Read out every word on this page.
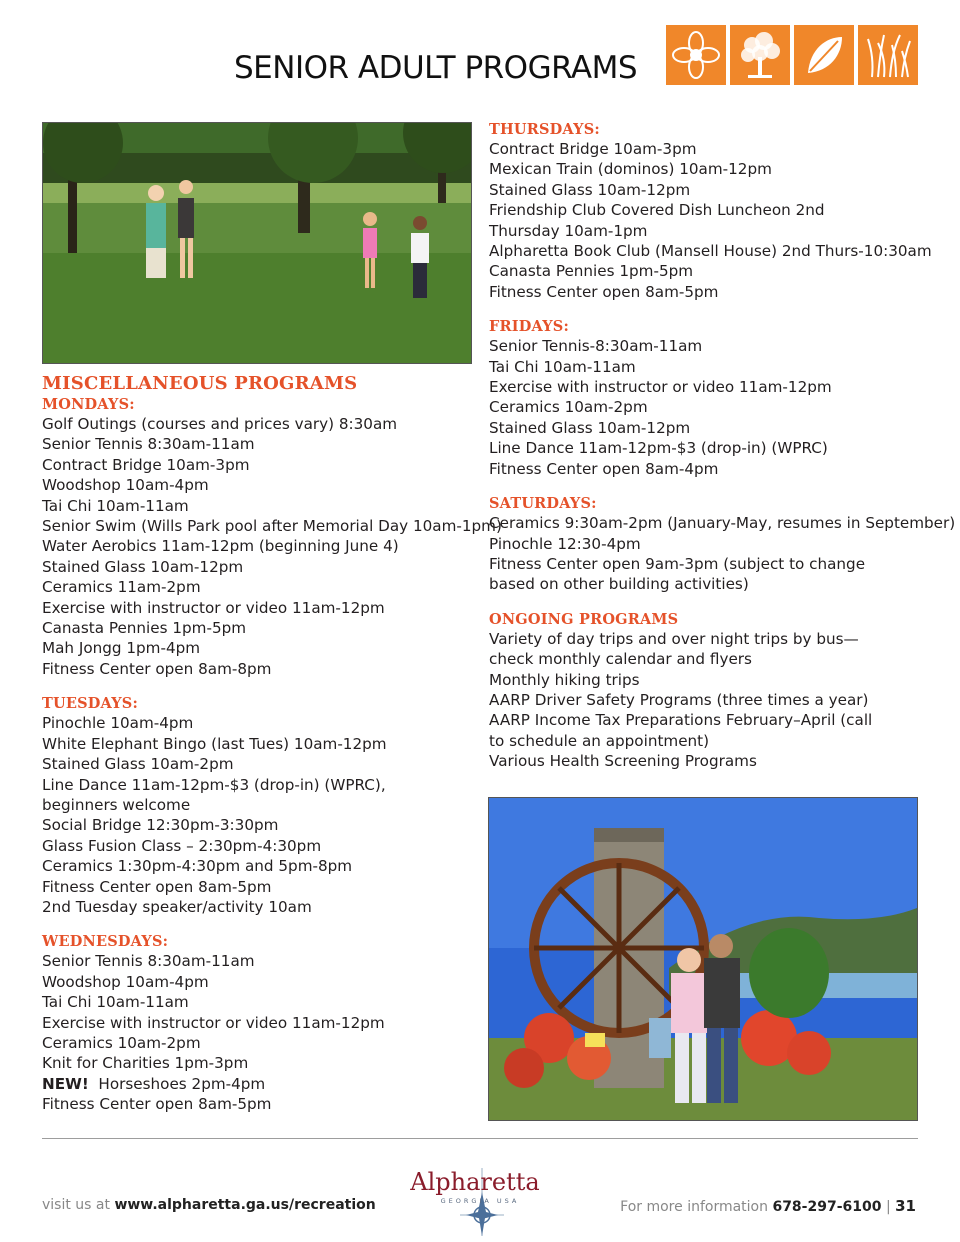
SENIOR ADULT PROGRAMS
MISCELLANEOUS PROGRAMS
MONDAYS:
Golf Outings (courses and prices vary) 8:30am
Senior Tennis 8:30am-11am
Contract Bridge 10am-3pm
Woodshop 10am-4pm
Tai Chi 10am-11am
Senior Swim (Wills Park pool after Memorial Day 10am-1pm)
Water Aerobics 11am-12pm (beginning June 4)
Stained Glass 10am-12pm
Ceramics 11am-2pm
Exercise with instructor or video 11am-12pm
Canasta Pennies 1pm-5pm
Mah Jongg 1pm-4pm
Fitness Center open 8am-8pm
TUESDAYS:
Pinochle 10am-4pm
White Elephant Bingo (last Tues) 10am-12pm
Stained Glass 10am-2pm
Line Dance 11am-12pm-$3 (drop-in) (WPRC), beginners welcome
Social Bridge 12:30pm-3:30pm
Glass Fusion Class – 2:30pm-4:30pm
Ceramics 1:30pm-4:30pm and 5pm-8pm
Fitness Center open 8am-5pm
2nd Tuesday speaker/activity 10am
WEDNESDAYS:
Senior Tennis 8:30am-11am
Woodshop 10am-4pm
Tai Chi 10am-11am
Exercise with instructor or video 11am-12pm
Ceramics 10am-2pm
Knit for Charities 1pm-3pm
NEW! Horseshoes 2pm-4pm
Fitness Center open 8am-5pm
THURSDAYS:
Contract Bridge 10am-3pm
Mexican Train (dominos) 10am-12pm
Stained Glass 10am-12pm
Friendship Club Covered Dish Luncheon 2nd Thursday 10am-1pm
Alpharetta Book Club (Mansell House) 2nd Thurs-10:30am
Canasta Pennies 1pm-5pm
Fitness Center open 8am-5pm
FRIDAYS:
Senior Tennis-8:30am-11am
Tai Chi 10am-11am
Exercise with instructor or video 11am-12pm
Ceramics 10am-2pm
Stained Glass 10am-12pm
Line Dance 11am-12pm-$3 (drop-in) (WPRC)
Fitness Center open 8am-4pm
SATURDAYS:
Ceramics 9:30am-2pm (January-May, resumes in September)
Pinochle 12:30-4pm
Fitness Center open 9am-3pm (subject to change based on other building activities)
ONGOING PROGRAMS
Variety of day trips and over night trips by bus—check monthly calendar and flyers
Monthly hiking trips
AARP Driver Safety Programs (three times a year)
AARP Income Tax Preparations February–April (call to schedule an appointment)
Various Health Screening Programs
visit us at www.alpharetta.ga.us/recreation
Alpharetta
GEORGIA USA	For more information 678-297-6100 | 31
